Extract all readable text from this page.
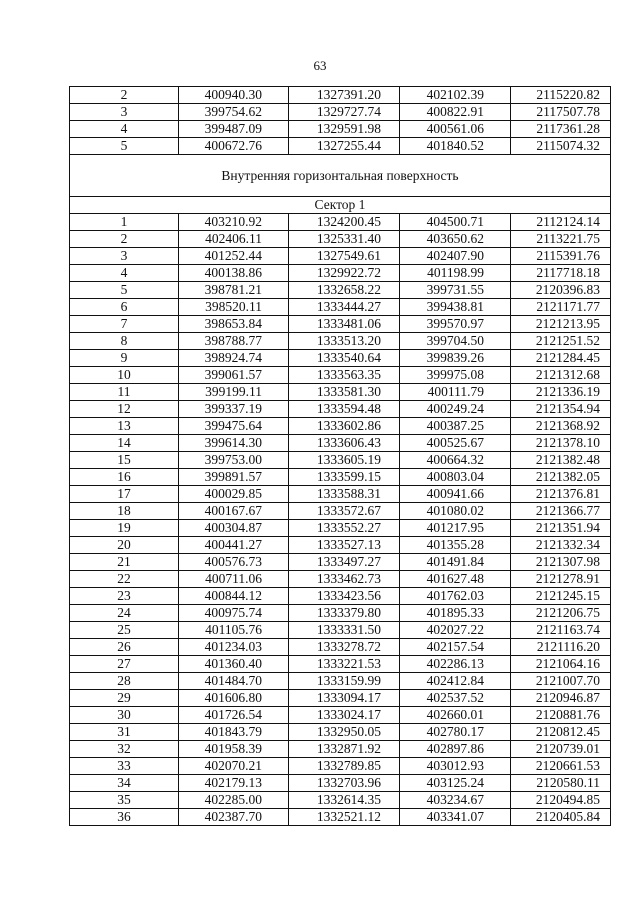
63
2	400940.30	1327391.20	402102.39	2115220.82
3	399754.62	1329727.74	400822.91	2117507.78
4	399487.09	1329591.98	400561.06	2117361.28
5	400672.76	1327255.44	401840.52	2115074.32
Внутренняя горизонтальная поверхность				
Сектор 1				
1	403210.92	1324200.45	404500.71	2112124.14
2	402406.11	1325331.40	403650.62	2113221.75
3	401252.44	1327549.61	402407.90	2115391.76
4	400138.86	1329922.72	401198.99	2117718.18
5	398781.21	1332658.22	399731.55	2120396.83
6	398520.11	1333444.27	399438.81	2121171.77
7	398653.84	1333481.06	399570.97	2121213.95
8	398788.77	1333513.20	399704.50	2121251.52
9	398924.74	1333540.64	399839.26	2121284.45
10	399061.57	1333563.35	399975.08	2121312.68
11	399199.11	1333581.30	400111.79	2121336.19
12	399337.19	1333594.48	400249.24	2121354.94
13	399475.64	1333602.86	400387.25	2121368.92
14	399614.30	1333606.43	400525.67	2121378.10
15	399753.00	1333605.19	400664.32	2121382.48
16	399891.57	1333599.15	400803.04	2121382.05
17	400029.85	1333588.31	400941.66	2121376.81
18	400167.67	1333572.67	401080.02	2121366.77
19	400304.87	1333552.27	401217.95	2121351.94
20	400441.27	1333527.13	401355.28	2121332.34
21	400576.73	1333497.27	401491.84	2121307.98
22	400711.06	1333462.73	401627.48	2121278.91
23	400844.12	1333423.56	401762.03	2121245.15
24	400975.74	1333379.80	401895.33	2121206.75
25	401105.76	1333331.50	402027.22	2121163.74
26	401234.03	1333278.72	402157.54	2121116.20
27	401360.40	1333221.53	402286.13	2121064.16
28	401484.70	1333159.99	402412.84	2121007.70
29	401606.80	1333094.17	402537.52	2120946.87
30	401726.54	1333024.17	402660.01	2120881.76
31	401843.79	1332950.05	402780.17	2120812.45
32	401958.39	1332871.92	402897.86	2120739.01
33	402070.21	1332789.85	403012.93	2120661.53
34	402179.13	1332703.96	403125.24	2120580.11
35	402285.00	1332614.35	403234.67	2120494.85
36	402387.70	1332521.12	403341.07	2120405.84
